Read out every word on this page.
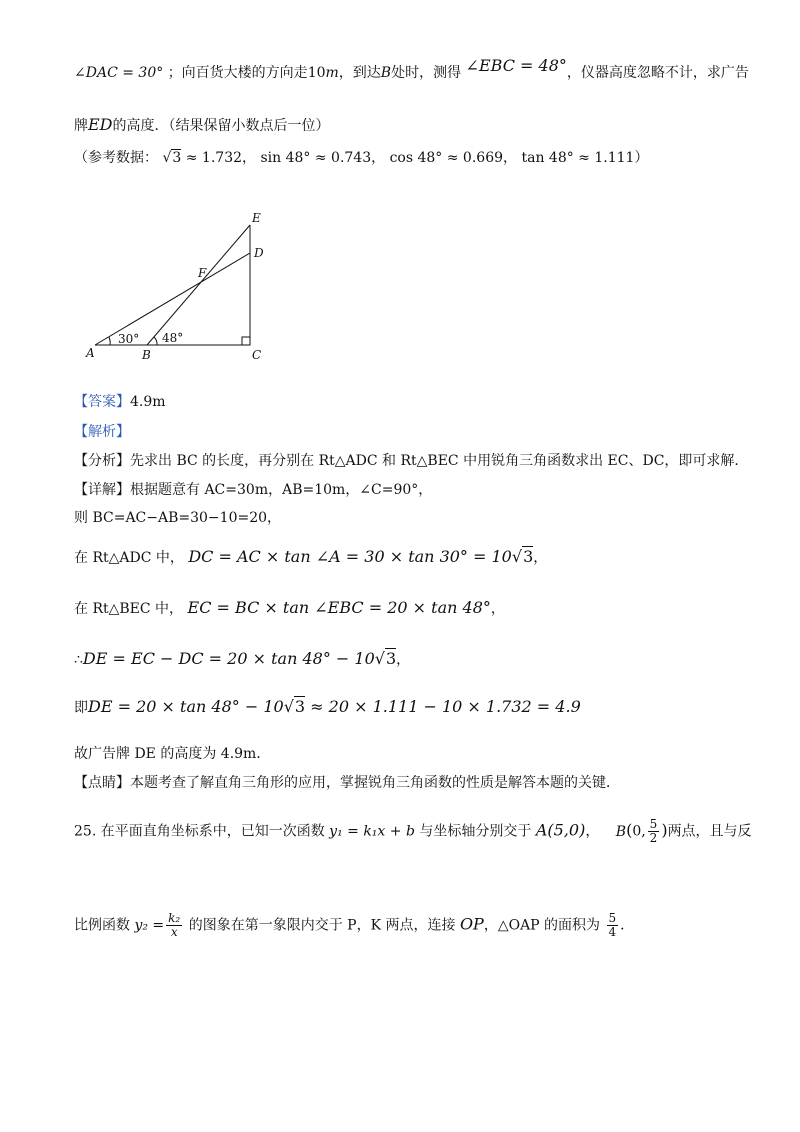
∠DAC = 30° ；向百货大楼的方向走10m，到达B处时，测得 ∠EBC = 48°，仪器高度忽略不计，求广告
牌ED的高度．（结果保留小数点后一位）
（参考数据： √3 ≈ 1.732， sin 48° ≈ 0.743， cos 48° ≈ 0.669， tan 48° ≈ 1.111）
E
D
F
A	B	C
30° 48°
【答案】4.9m
【解析】
【分析】先求出 BC 的长度，再分别在 Rt△ADC 和 Rt△BEC 中用锐角三角函数求出 EC、DC，即可求解．
【详解】根据题意有 AC=30m，AB=10m，∠C=90°，
则 BC=AC−AB=30−10=20，
在 Rt△ADC 中， DC = AC × tan ∠A = 30 × tan 30° = 10√3，
在 Rt△BEC 中， EC = BC × tan ∠EBC = 20 × tan 48°，
∴DE = EC − DC = 20 × tan 48° − 10√3，
即DE = 20 × tan 48° − 10√3 ≈ 20 × 1.111 − 10 × 1.732 = 4.9
故广告牌 DE 的高度为 4.9m．
【点睛】本题考查了解直角三角形的应用，掌握锐角三角函数的性质是解答本题的关键．
25. 在平面直角坐标系中，已知一次函数 y₁ = k₁x + b 与坐标轴分别交于 A(5,0)， B(0, $\frac{5}{2}$ )两点，且与反
比例函数 $y_2 = \frac{\text{k₂}}{x}$ 的图象在第一象限内交于 P，K 两点，连接 OP，△OAP 的面积为 $\frac{5}{4}$ ．
